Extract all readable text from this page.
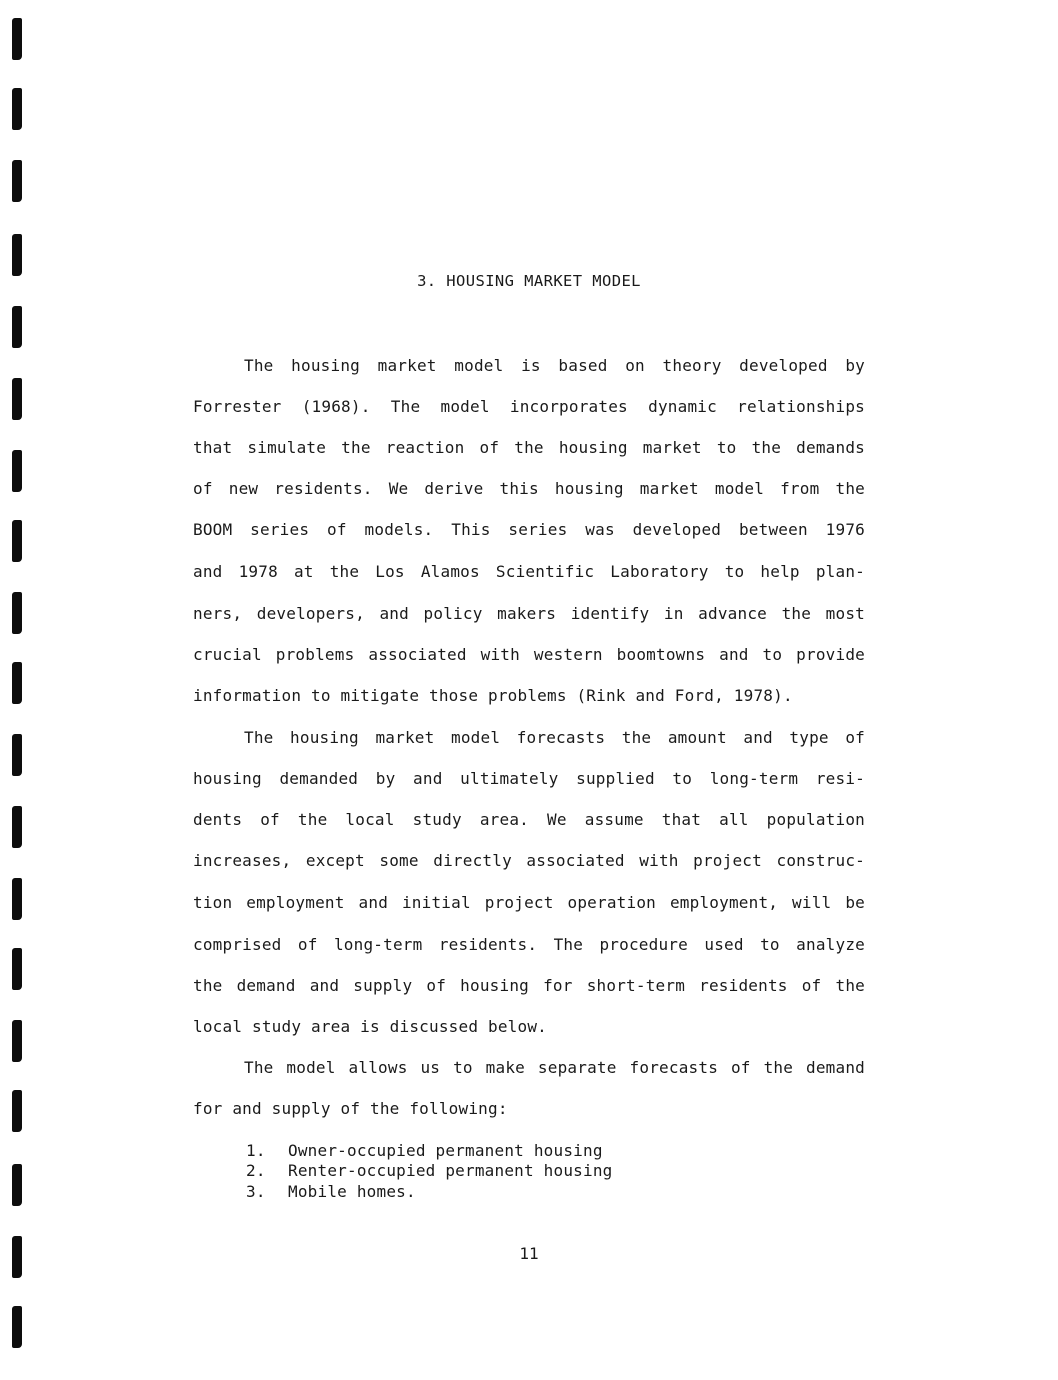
3. HOUSING MARKET MODEL
The housing market model is based on theory developed by
Forrester (1968). The model incorporates dynamic relationships
that simulate the reaction of the housing market to the demands
of new residents. We derive this housing market model from the
BOOM series of models. This series was developed between 1976
and 1978 at the Los Alamos Scientific Laboratory to help plan-
ners, developers, and policy makers identify in advance the most
crucial problems associated with western boomtowns and to provide
information to mitigate those problems (Rink and Ford, 1978).
The housing market model forecasts the amount and type of
housing demanded by and ultimately supplied to long-term resi-
dents of the local study area. We assume that all population
increases, except some directly associated with project construc-
tion employment and initial project operation employment, will be
comprised of long-term residents. The procedure used to analyze
the demand and supply of housing for short-term residents of the
local study area is discussed below.
The model allows us to make separate forecasts of the demand
for and supply of the following:
1. Owner-occupied permanent housing
2. Renter-occupied permanent housing
3. Mobile homes.
11
